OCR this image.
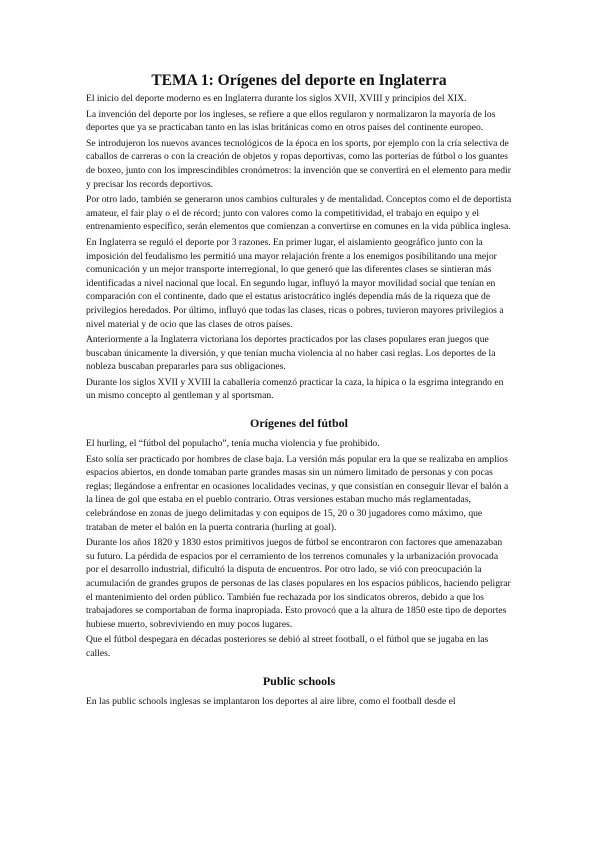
TEMA 1: Orígenes del deporte en Inglaterra

El inicio del deporte moderno es en Inglaterra durante los siglos XVII, XVIII y principios del XIX.

La invención del deporte por los ingleses, se refiere a que ellos regularon y normalizaron la mayoría de los deportes que ya se practicaban tanto en las islas británicas como en otros países del continente europeo.

Se introdujeron los nuevos avances tecnológicos de la época en los sports, por ejemplo con la cría selectiva de caballos de carreras o con la creación de objetos y ropas deportivas, como las porterías de fútbol o los guantes de boxeo, junto con los imprescindibles cronómetros: la invención que se convertirá en el elemento para medir y precisar los records deportivos.

Por otro lado, también se generaron unos cambios culturales y de mentalidad. Conceptos como el de deportista amateur, el fair play o el de récord; junto con valores como la competitividad, el trabajo en equipo y el entrenamiento específico, serán elementos que comienzan a convertirse en comunes en la vida pública inglesa.

En Inglaterra se reguló el deporte por 3 razones. En primer lugar, el aislamiento geográfico junto con la imposición del feudalismo les permitió una mayor relajación frente a los enemigos posibilitando una mejor comunicación y un mejor transporte interregional, lo que generó que las diferentes clases se sintieran más identificadas a nivel nacional que local. En segundo lugar, influyó la mayor movilidad social que tenían en comparación con el continente, dado que el estatus aristocrático inglés dependía más de la riqueza que de privilegios heredados. Por último, influyó que todas las clases, ricas o pobres, tuvieron mayores privilegios a nivel material y de ocio que las clases de otros países.

Anteriormente a la Inglaterra victoriana los deportes practicados por las clases populares eran juegos que buscaban únicamente la diversión, y que tenían mucha violencia al no haber casi reglas. Los deportes de la nobleza buscaban prepararles para sus obligaciones.

Durante los siglos XVII y XVIII la caballería comenzó practicar la caza, la hípica o la esgrima integrando en un mismo concepto al gentleman y al sportsman.

Orígenes del fútbol

El hurling, el “fútbol del populacho”, tenía mucha violencia y fue prohibido.

Esto solía ser practicado por hombres de clase baja. La versión más popular era la que se realizaba en amplios espacios abiertos, en donde tomaban parte grandes masas sin un número limitado de personas y con pocas reglas; llegándose a enfrentar en ocasiones localidades vecinas, y que consistían en conseguir llevar el balón a la línea de gol que estaba en el pueblo contrario. Otras versiones estaban mucho más reglamentadas, celebrándose en zonas de juego delimitadas y con equipos de 15, 20 o 30 jugadores como máximo, que trataban de meter el balón en la puerta contraria (hurling at goal).

Durante los años 1820 y 1830 estos primitivos juegos de fútbol se encontraron con factores que amenazaban su futuro. La pérdida de espacios por el cerramiento de los terrenos comunales y la urbanización provocada por el desarrollo industrial, dificultó la disputa de encuentros. Por otro lado, se vió con preocupación la acumulación de grandes grupos de personas de las clases populares en los espacios públicos, haciendo peligrar el mantenimiento del orden público. También fue rechazada por los sindicatos obreros, debido a que los trabajadores se comportaban de forma inapropiada. Esto provocó que a la altura de 1850 este tipo de deportes hubiese muerto, sobreviviendo en muy pocos lugares.

Que el fútbol despegara en décadas posteriores se debió al street football, o el fútbol que se jugaba en las calles.

Public schools

En las public schools inglesas se implantaron los deportes al aire libre, como el football desde el
